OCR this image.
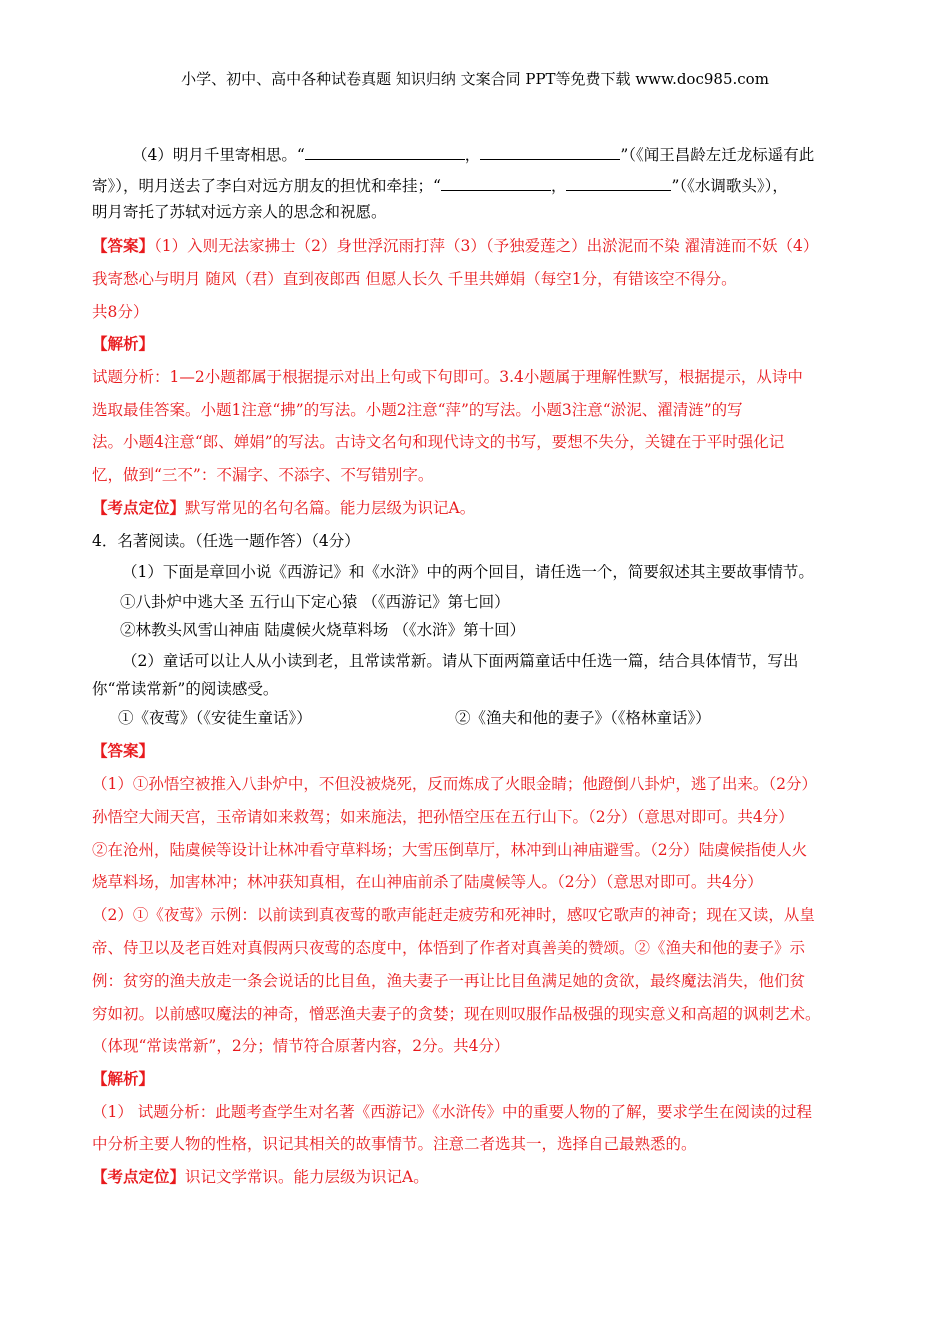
小学、初中、高中各种试卷真题 知识归纳 文案合同 PPT等免费下载 www.doc985.com
（4）明月千里寄相思。“	，	”（《闻王昌龄左迁龙标遥有此
寄》），明月送去了李白对远方朋友的担忧和牵挂；“	，	”（《水调歌头》），
明月寄托了苏轼对远方亲人的思念和祝愿。
【答案】（1）入则无法家拂士（2）身世浮沉雨打萍（3）（予独爱莲之）出淤泥而不染 濯清涟而不妖（4）
我寄愁心与明月 随风（君）直到夜郎西 但愿人长久 千里共婵娟（每空1分，有错该空不得分。
共8分）
【解析】
试题分析：1—2小题都属于根据提示对出上句或下句即可。3.4小题属于理解性默写，根据提示，从诗中
选取最佳答案。小题1注意“拂”的写法。小题2注意“萍”的写法。小题3注意“淤泥、濯清涟”的写
法。小题4注意“郎、婵娟”的写法。古诗文名句和现代诗文的书写，要想不失分，关键在于平时强化记
忆，做到“三不”：不漏字、不添字、不写错别字。
【考点定位】默写常见的名句名篇。能力层级为识记A。
4．名著阅读。（任选一题作答）（4分）
（1）下面是章回小说《西游记》和《水浒》中的两个回目，请任选一个，简要叙述其主要故事情节。
①八卦炉中逃大圣 五行山下定心猿 （《西游记》第七回）
②林教头风雪山神庙 陆虞候火烧草料场 （《水浒》第十回）
（2）童话可以让人从小读到老，且常读常新。请从下面两篇童话中任选一篇，结合具体情节，写出
你“常读常新”的阅读感受。
①《夜莺》（《安徒生童话》）	②《渔夫和他的妻子》（《格林童话》）
【答案】
（1）①孙悟空被推入八卦炉中，不但没被烧死，反而炼成了火眼金睛；他蹬倒八卦炉，逃了出来。（2分）
孙悟空大闹天宫，玉帝请如来救驾；如来施法，把孙悟空压在五行山下。（2分）（意思对即可。共4分）
②在沧州，陆虞候等设计让林冲看守草料场；大雪压倒草厅，林冲到山神庙避雪。（2分）陆虞候指使人火
烧草料场，加害林冲；林冲获知真相，在山神庙前杀了陆虞候等人。（2分）（意思对即可。共4分）
（2）①《夜莺》示例：以前读到真夜莺的歌声能赶走疲劳和死神时，感叹它歌声的神奇；现在又读，从皇
帝、侍卫以及老百姓对真假两只夜莺的态度中，体悟到了作者对真善美的赞颂。②《渔夫和他的妻子》示
例：贫穷的渔夫放走一条会说话的比目鱼，渔夫妻子一再让比目鱼满足她的贪欲，最终魔法消失，他们贫
穷如初。以前感叹魔法的神奇，憎恶渔夫妻子的贪婪；现在则叹服作品极强的现实意义和高超的讽刺艺术。
（体现“常读常新”，2分；情节符合原著内容，2分。共4分）
【解析】
（1） 试题分析：此题考查学生对名著《西游记》《水浒传》中的重要人物的了解，要求学生在阅读的过程
中分析主要人物的性格，识记其相关的故事情节。注意二者选其一，选择自己最熟悉的。
【考点定位】识记文学常识。能力层级为识记A。
